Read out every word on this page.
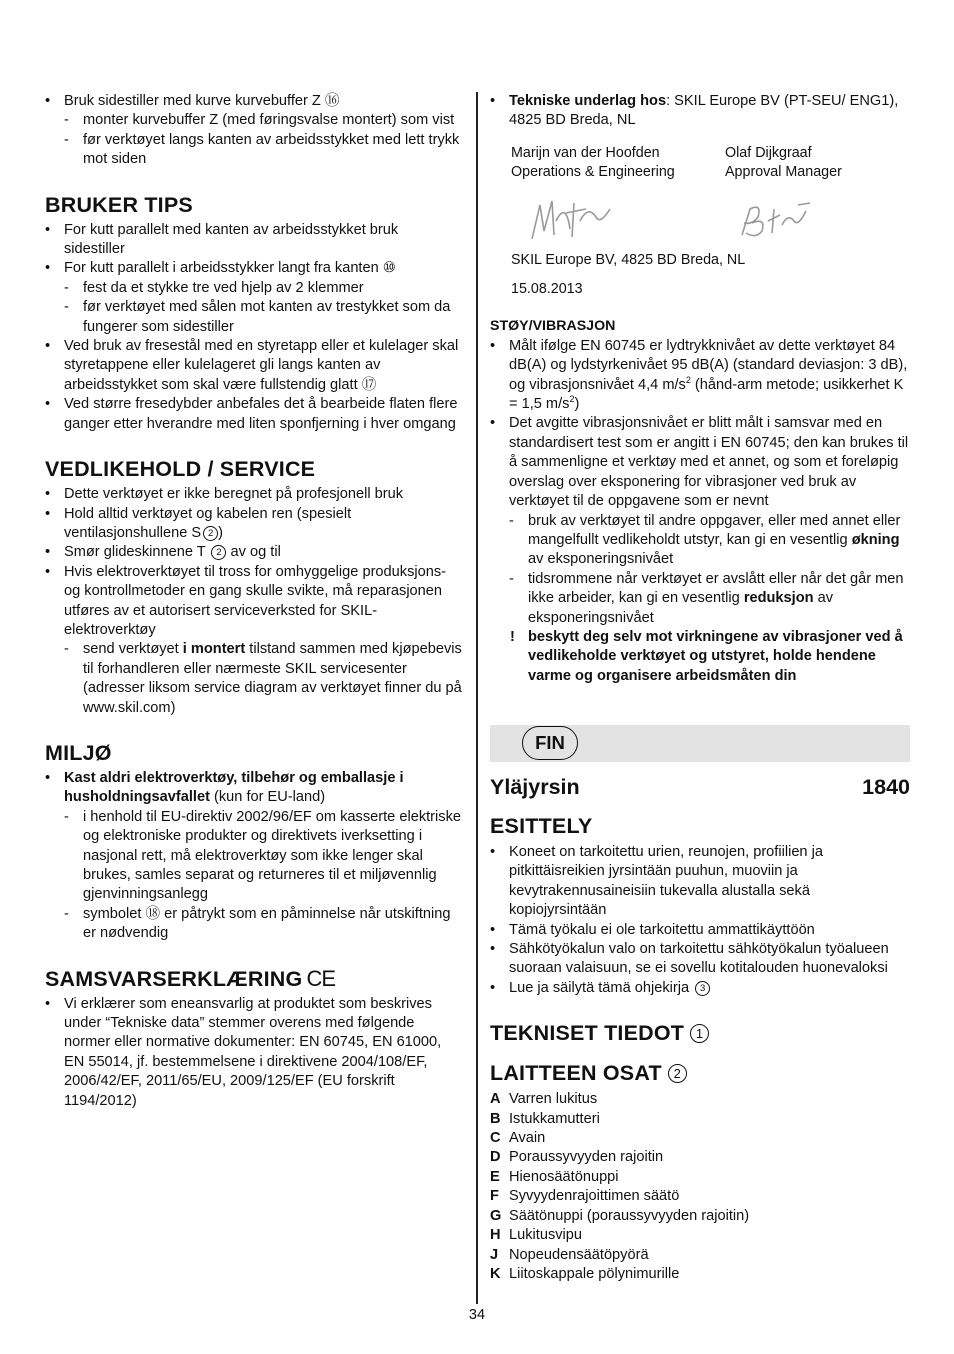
• Bruk sidestiller med kurve kurvebuffer Z ⑯
- monter kurvebuffer Z (med føringsvalse montert) som vist
- før verktøyet langs kanten av arbeidsstykket med lett trykk mot siden
BRUKER TIPS
• For kutt parallelt med kanten av arbeidsstykket bruk sidestiller
• For kutt parallelt i arbeidsstykker langt fra kanten ⑩
- fest da et stykke tre ved hjelp av 2 klemmer
- før verktøyet med sålen mot kanten av trestykket som da fungerer som sidestiller
• Ved bruk av fresestål med en styretapp eller et kulelager skal styretappene eller kulelageret gli langs kanten av arbeidsstykket som skal være fullstendig glatt ⑰
• Ved større fresedybder anbefales det å bearbeide flaten flere ganger etter hverandre med liten sponfjerning i hver omgang
VEDLIKEHOLD / SERVICE
• Dette verktøyet er ikke beregnet på profesjonell bruk
• Hold alltid verktøyet og kabelen ren (spesielt ventilasjonshullene S 2 )
• Smør glideskinnene T 2 av og til
• Hvis elektroverktøyet til tross for omhyggelige produksjons- og kontrollmetoder en gang skulle svikte, må reparasjonen utføres av et autorisert serviceverksted for SKIL-elektroverktøy
- send verktøyet i montert tilstand sammen med kjøpebevis til forhandleren eller nærmeste SKIL servicesenter (adresser liksom service diagram av verktøyet finner du på www.skil.com)
MILJØ
• Kast aldri elektroverktøy, tilbehør og emballasje i husholdningsavfallet (kun for EU-land)
- i henhold til EU-direktiv 2002/96/EF om kasserte elektriske og elektroniske produkter og direktivets iverksetting i nasjonal rett, må elektroverktøy som ikke lenger skal brukes, samles separat og returneres til et miljøvennlig gjenvinningsanlegg
- symbolet ⑱ er påtrykt som en påminnelse når utskiftning er nødvendig
SAMSVARSERKLÆRING CE
• Vi erklærer som eneansvarlig at produktet som beskrives under “Tekniske data” stemmer overens med følgende normer eller normative dokumenter: EN 60745, EN 61000, EN 55014, jf. bestemmelsene i direktivene 2004/108/EF, 2006/42/EF, 2011/65/EU, 2009/125/EF (EU forskrift 1194/2012)
• Tekniske underlag hos: SKIL Europe BV (PT-SEU/ ENG1), 4825 BD Breda, NL
Marijn van der Hoofden
Operations & Engineering
Olaf Dijkgraaf
Approval Manager
SKIL Europe BV, 4825 BD Breda, NL
15.08.2013
STØY/VIBRASJON
• Målt ifølge EN 60745 er lydtrykknivået av dette verktøyet 84 dB(A) og lydstyrkenivået 95 dB(A) (standard deviasjon: 3 dB), og vibrasjonsnivået 4,4 $m/s^2$ (hånd-arm metode; usikkerhet K = 1,5 $m/s^2$)
• Det avgitte vibrasjonsnivået er blitt målt i samsvar med en standardisert test som er angitt i EN 60745; den kan brukes til å sammenligne et verktøy med et annet, og som et foreløpig overslag over eksponering for vibrasjoner ved bruk av verktøyet til de oppgavene som er nevnt
- bruk av verktøyet til andre oppgaver, eller med annet eller mangelfullt vedlikeholdt utstyr, kan gi en vesentlig økning av eksponeringsnivået
- tidsrommene når verktøyet er avslått eller når det går men ikke arbeider, kan gi en vesentlig reduksjon av eksponeringsnivået
! beskytt deg selv mot virkningene av vibrasjoner ved å vedlikeholde verktøyet og utstyret, holde hendene varme og organisere arbeidsmåten din
FIN
Yläjyrsin	1840
ESITTELY
• Koneet on tarkoitettu urien, reunojen, profiilien ja pitkittäisreikien jyrsintään puuhun, muoviin ja kevytrakennusaineisiin tukevalla alustalla sekä kopiojyrsintään
• Tämä työkalu ei ole tarkoitettu ammattikäyttöön
• Sähkötyökalun valo on tarkoitettu sähkötyökalun työalueen suoraan valaisuun, se ei sovellu kotitalouden huonevaloksi
• Lue ja säilytä tämä ohjekirja 3
TEKNISET TIEDOT 1
LAITTEEN OSAT 2
A Varren lukitus
B Istukkamutteri
C Avain
D Poraussyvyyden rajoitin
E Hienosäätönuppi
F Syvyydenrajoittimen säätö
G Säätönuppi (poraussyvyyden rajoitin)
H Lukitusvipu
J Nopeudensäätöpyörä
K Liitoskappale pölynimurille
34
